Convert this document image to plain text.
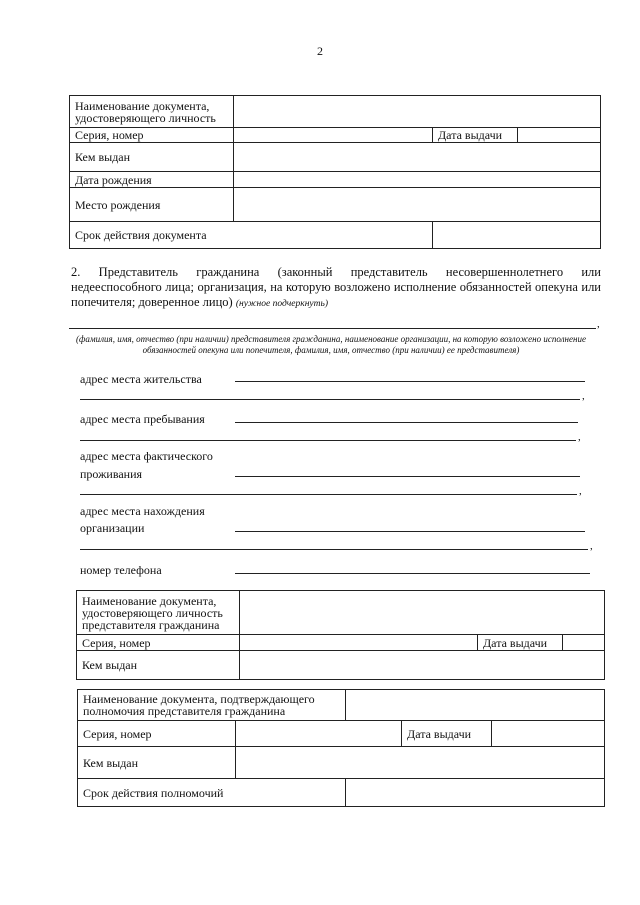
2
Наименование документа, удостоверяющего личность			
Серия, номер		Дата выдачи	
Кем выдан			
Дата рождения			
Место рождения			
Срок действия документа			
2. Представитель гражданина (законный представитель несовершеннолетнего или недееспособного лица; организация, на которую возложено исполнение обязанностей опекуна или попечителя; доверенное лицо) (нужное подчеркнуть)
,
(фамилия, имя, отчество (при наличии) представителя гражданина, наименование организации, на которую возложено исполнение обязанностей опекуна или попечителя, фамилия, имя, отчество (при наличии) ее представителя)
адрес места жительства
,
адрес места пребывания
,
адрес места фактического
проживания
,
адрес места нахождения
организации
,
номер телефона
Наименование документа, удостоверяющего личность представителя гражданина			
Серия, номер		Дата выдачи	
Кем выдан			
Наименование документа, подтверждающего полномочия представителя гражданина				
Серия, номер			Дата выдачи	
Кем выдан				
Срок действия полномочий				
